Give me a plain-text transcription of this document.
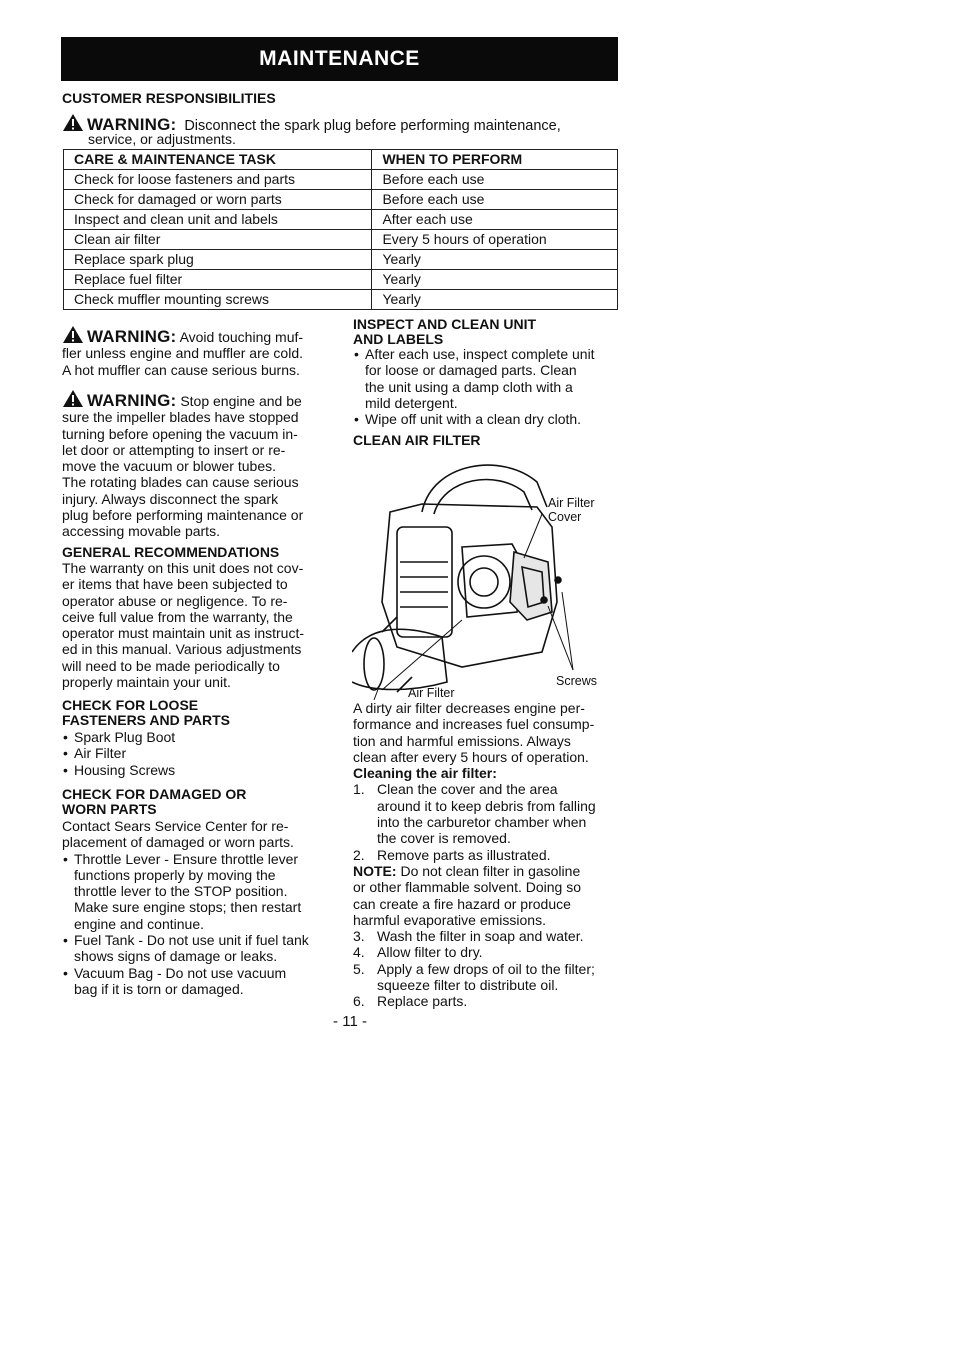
MAINTENANCE
CUSTOMER RESPONSIBILITIES
WARNING: Disconnect the spark plug before performing maintenance,
service, or adjustments.
CARE & MAINTENANCE TASK	WHEN TO PERFORM
Check for loose fasteners and parts	Before each use
Check for damaged or worn parts	Before each use
Inspect and clean unit and labels	After each use
Clean air filter	Every 5 hours of operation
Replace spark plug	Yearly
Replace fuel filter	Yearly
Check muffler mounting screws	Yearly
WARNING: Avoid touching muf-
fler unless engine and muffler are cold.
A hot muffler can cause serious burns.
WARNING: Stop engine and be
sure the impeller blades have stopped
turning before opening the vacuum in-
let door or attempting to insert or re-
move the vacuum or blower tubes.
The rotating blades can cause serious
injury. Always disconnect the spark
plug before performing maintenance or
accessing movable parts.
GENERAL RECOMMENDATIONS
The warranty on this unit does not cov-
er items that have been subjected to
operator abuse or negligence. To re-
ceive full value from the warranty, the
operator must maintain unit as instruct-
ed in this manual. Various adjustments
will need to be made periodically to
properly maintain your unit.
CHECK FOR LOOSE
FASTENERS AND PARTS
• Spark Plug Boot
• Air Filter
• Housing Screws
CHECK FOR DAMAGED OR
WORN PARTS
Contact Sears Service Center for re-
placement of damaged or worn parts.
• Throttle Lever - Ensure throttle lever
functions properly by moving the
throttle lever to the STOP position.
Make sure engine stops; then restart
engine and continue.
• Fuel Tank - Do not use unit if fuel tank
shows signs of damage or leaks.
• Vacuum Bag - Do not use vacuum
bag if it is torn or damaged.
INSPECT AND CLEAN UNIT
AND LABELS
• After each use, inspect complete unit
for loose or damaged parts. Clean
the unit using a damp cloth with a
mild detergent.
• Wipe off unit with a clean dry cloth.
CLEAN AIR FILTER
Air Filter
Cover
Screws
Air Filter
A dirty air filter decreases engine per-
formance and increases fuel consump-
tion and harmful emissions. Always
clean after every 5 hours of operation.
Cleaning the air filter:
1. Clean the cover and the area
around it to keep debris from falling
into the carburetor chamber when
the cover is removed.
2. Remove parts as illustrated.
NOTE: Do not clean filter in gasoline
or other flammable solvent. Doing so
can create a fire hazard or produce
harmful evaporative emissions.
3. Wash the filter in soap and water.
4. Allow filter to dry.
5. Apply a few drops of oil to the filter;
squeeze filter to distribute oil.
6. Replace parts.
- 11 -
